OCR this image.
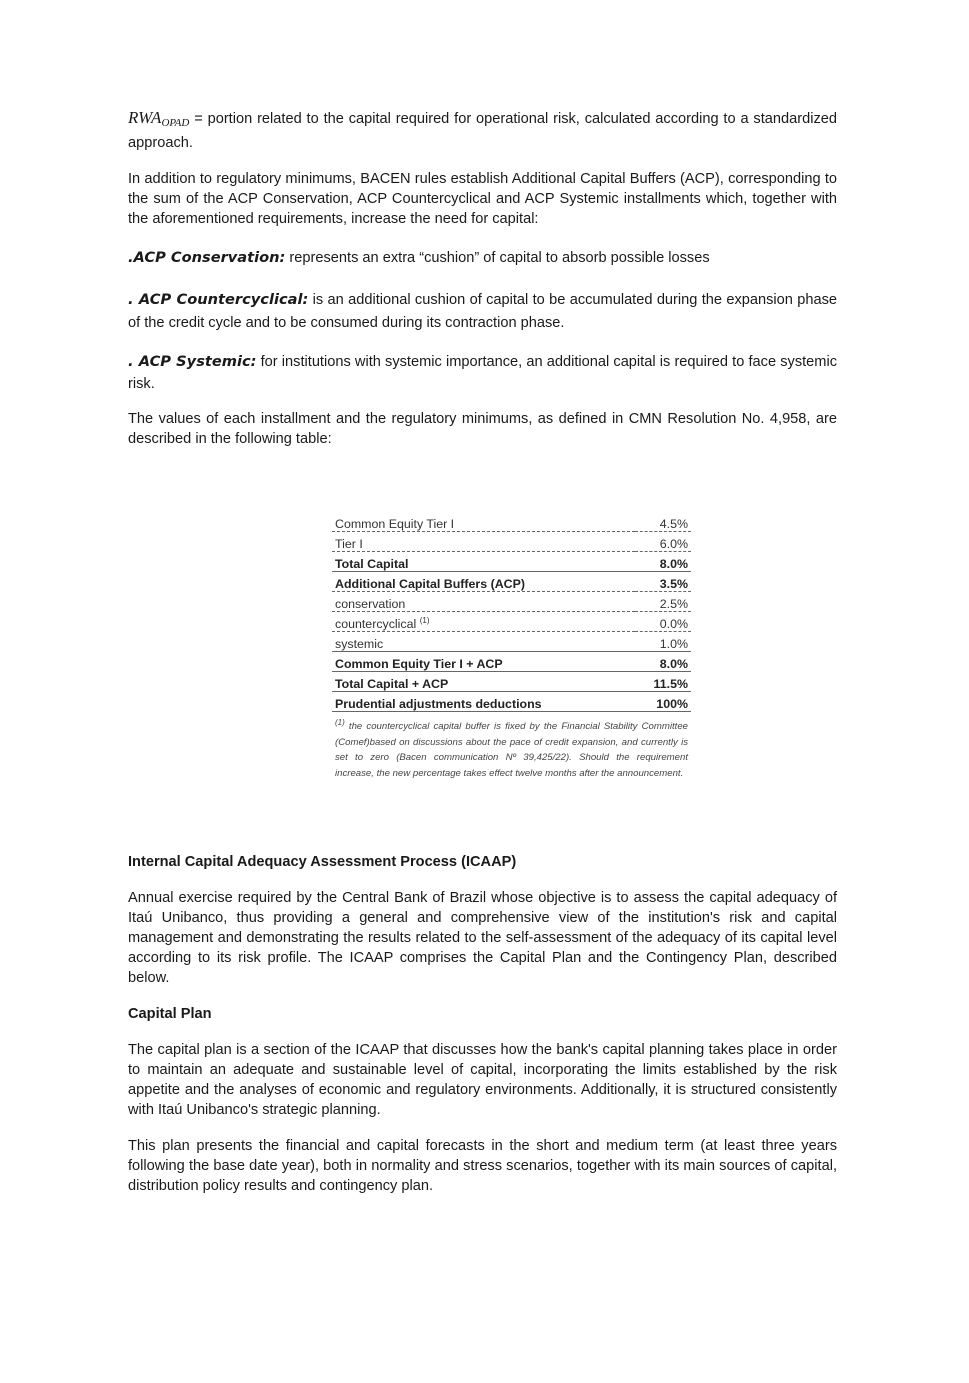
$RWA_{OPAD}$ = portion related to the capital required for operational risk, calculated according to a standardized approach.

In addition to regulatory minimums, BACEN rules establish Additional Capital Buffers (ACP), corresponding to the sum of the ACP Conservation, ACP Countercyclical and ACP Systemic installments which, together with the aforementioned requirements, increase the need for capital:

.ACP Conservation: represents an extra “cushion” of capital to absorb possible losses

. ACP Countercyclical: is an additional cushion of capital to be accumulated during the expansion phase of the credit cycle and to be consumed during its contraction phase.

. ACP Systemic: for institutions with systemic importance, an additional capital is required to face systemic risk.

The values of each installment and the regulatory minimums, as defined in CMN Resolution No. 4,958, are described in the following table:

Common Equity Tier I	4.5%
Tier I	6.0%
Total Capital	8.0%
Additional Capital Buffers (ACP)	3.5%
conservation	2.5%
countercyclical $^{(1)}$	0.0%
systemic	1.0%
Common Equity Tier I + ACP	8.0%
Total Capital + ACP	11.5%
Prudential adjustments deductions	100%
$^{(1)}$ the countercyclical capital buffer is fixed by the Financial Stability Committee (Comef)based on discussions about the pace of credit expansion, and currently is set to zero (Bacen communication Nº 39,425/22). Should the requirement increase, the new percentage takes effect twelve months after the announcement.

Internal Capital Adequacy Assessment Process (ICAAP)

Annual exercise required by the Central Bank of Brazil whose objective is to assess the capital adequacy of Itaú Unibanco, thus providing a general and comprehensive view of the institution's risk and capital management and demonstrating the results related to the self-assessment of the adequacy of its capital level according to its risk profile. The ICAAP comprises the Capital Plan and the Contingency Plan, described below.

Capital Plan

The capital plan is a section of the ICAAP that discusses how the bank's capital planning takes place in order to maintain an adequate and sustainable level of capital, incorporating the limits established by the risk appetite and the analyses of economic and regulatory environments. Additionally, it is structured consistently with Itaú Unibanco's strategic planning.

This plan presents the financial and capital forecasts in the short and medium term (at least three years following the base date year), both in normality and stress scenarios, together with its main sources of capital, distribution policy results and contingency plan.
